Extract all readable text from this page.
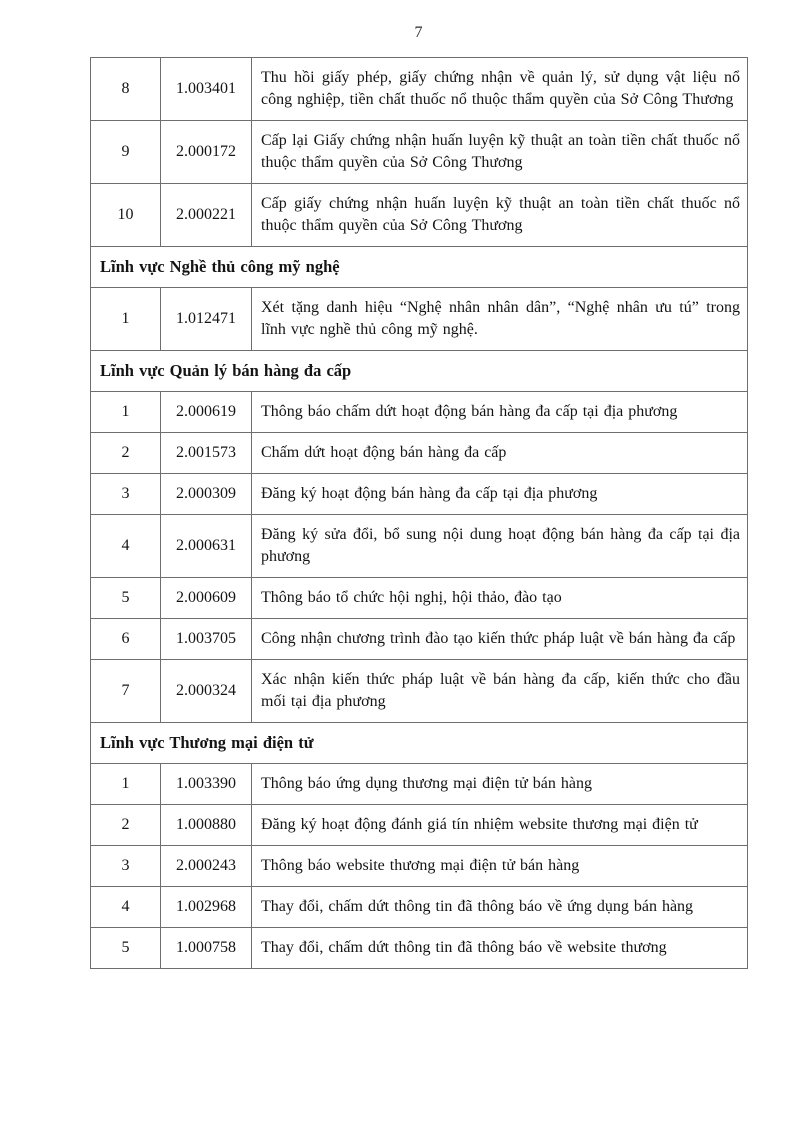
7
8	1.003401	Thu hồi giấy phép, giấy chứng nhận về quản lý, sử dụng vật liệu nổ công nghiệp, tiền chất thuốc nổ thuộc thẩm quyền của Sở Công Thương
9	2.000172	Cấp lại Giấy chứng nhận huấn luyện kỹ thuật an toàn tiền chất thuốc nổ thuộc thẩm quyền của Sở Công Thương
10	2.000221	Cấp giấy chứng nhận huấn luyện kỹ thuật an toàn tiền chất thuốc nổ thuộc thẩm quyền của Sở Công Thương
Lĩnh vực Nghề thủ công mỹ nghệ		
1	1.012471	Xét tặng danh hiệu “Nghệ nhân nhân dân”, “Nghệ nhân ưu tú” trong lĩnh vực nghề thủ công mỹ nghệ.
Lĩnh vực Quản lý bán hàng đa cấp		
1	2.000619	Thông báo chấm dứt hoạt động bán hàng đa cấp tại địa phương
2	2.001573	Chấm dứt hoạt động bán hàng đa cấp
3	2.000309	Đăng ký hoạt động bán hàng đa cấp tại địa phương
4	2.000631	Đăng ký sửa đổi, bổ sung nội dung hoạt động bán hàng đa cấp tại địa phương
5	2.000609	Thông báo tổ chức hội nghị, hội thảo, đào tạo
6	1.003705	Công nhận chương trình đào tạo kiến thức pháp luật về bán hàng đa cấp
7	2.000324	Xác nhận kiến thức pháp luật về bán hàng đa cấp, kiến thức cho đầu mối tại địa phương
Lĩnh vực Thương mại điện tử		
1	1.003390	Thông báo ứng dụng thương mại điện tử bán hàng
2	1.000880	Đăng ký hoạt động đánh giá tín nhiệm website thương mại điện tử
3	2.000243	Thông báo website thương mại điện tử bán hàng
4	1.002968	Thay đổi, chấm dứt thông tin đã thông báo về ứng dụng bán hàng
5	1.000758	Thay đổi, chấm dứt thông tin đã thông báo về website thương
